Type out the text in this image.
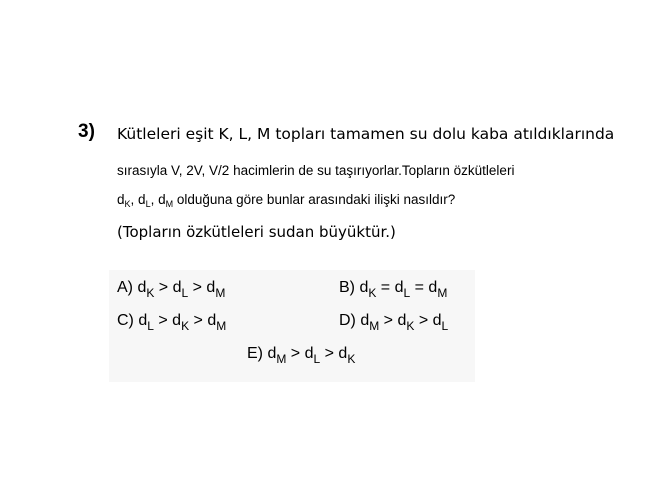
3) Kütleleri eşit K, L, M topları tamamen su dolu kaba atıldıklarında
sırasıyla V, 2V, V/2 hacimlerin de su taşırıyorlar.Topların özkütleleri
$d_K$, $d_L$, $d_M$ olduğuna göre bunlar arasındaki ilişki nasıldır?
(Topların özkütleleri sudan büyüktür.)
A) $d_K > d_L > d_M$	B) $d_K = d_L = d_M$
C) $d_L > d_K > d_M$	D) $d_M > d_K > d_L$
E) $d_M > d_L > d_K$
